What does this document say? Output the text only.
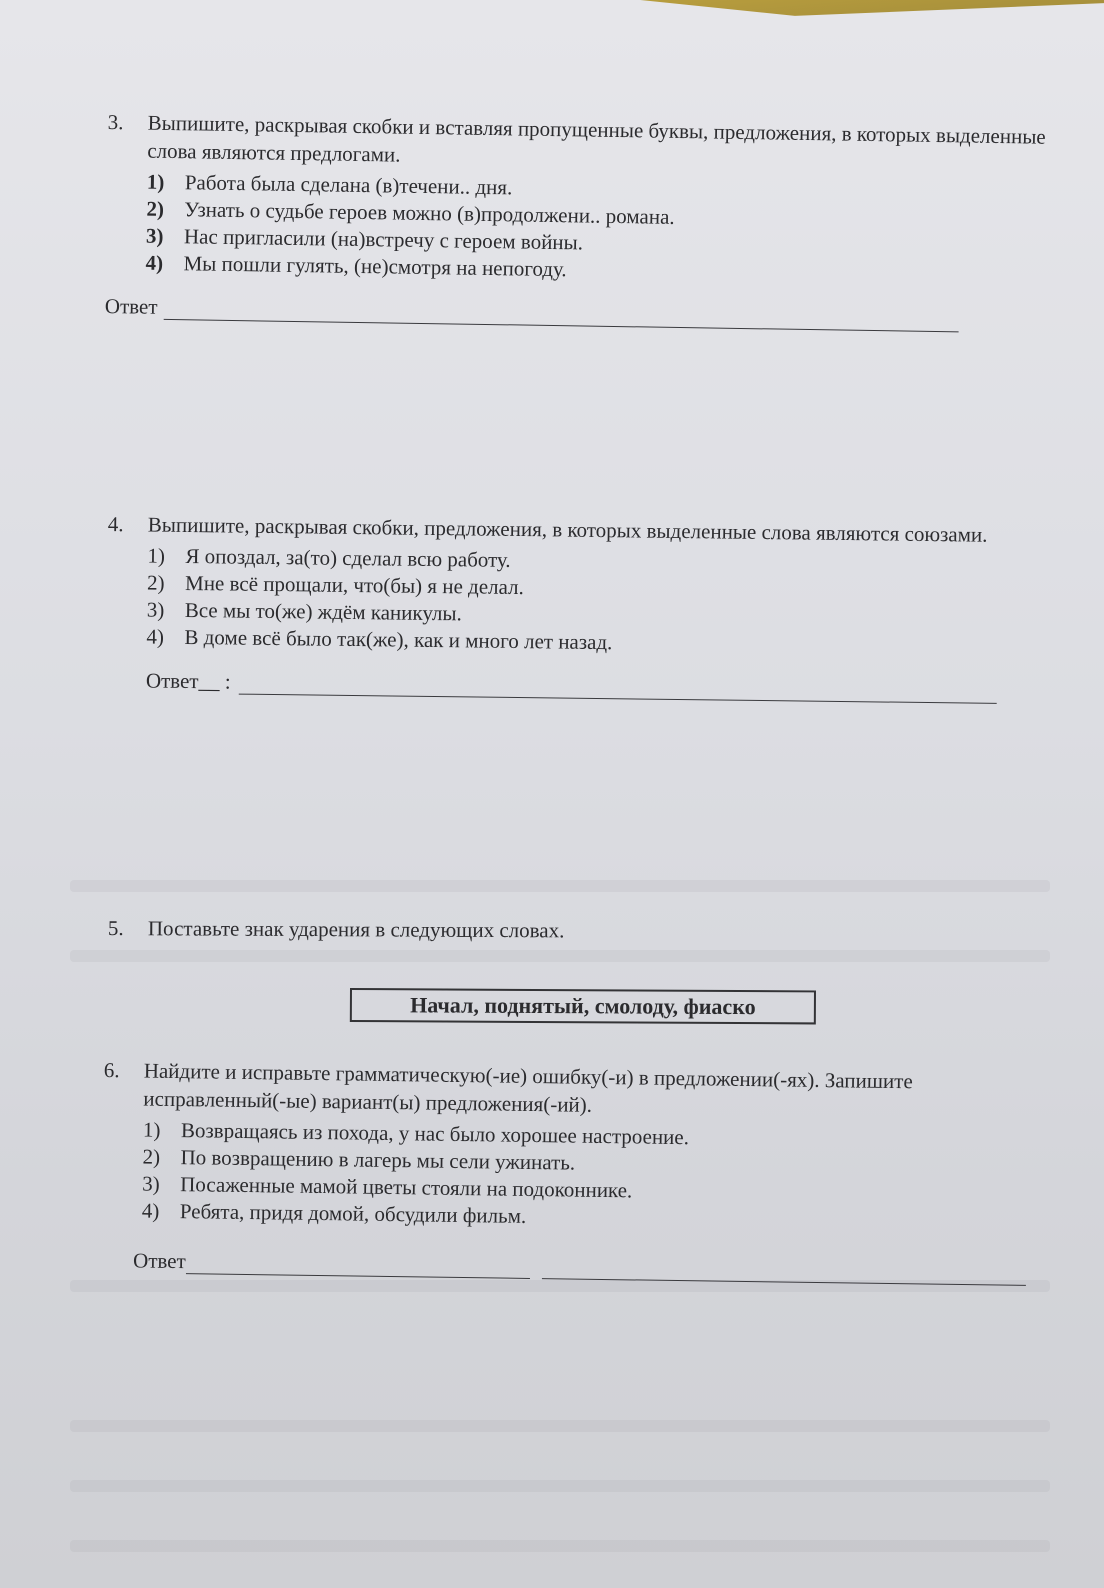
3.	Выпишите, раскрывая скобки и вставляя пропущенные буквы, предложения, в которых выделенные слова являются предлогами.
1) Работа была сделана (в)течени.. дня.
2) Узнать о судьбе героев можно (в)продолжени.. романа.
3) Нас пригласили (на)встречу с героем войны.
4) Мы пошли гулять, (не)смотря на непогоду.
Ответ
4.	Выпишите, раскрывая скобки, предложения, в которых выделенные слова являются союзами.
1) Я опоздал, за(то) сделал всю работу.
2) Мне всё прощали, что(бы) я не делал.
3) Все мы то(же) ждём каникулы.
4) В доме всё было так(же), как и много лет назад.
Ответ__ :
5.	Поставьте знак ударения в следующих словах.
Начал, поднятый, смолоду, фиаско
6.	Найдите и исправьте грамматическую(-ие) ошибку(-и) в предложении(-ях). Запишите исправленный(-ые) вариант(ы) предложения(-ий).
1) Возвращаясь из похода, у нас было хорошее настроение.
2) По возвращению в лагерь мы сели ужинать.
3) Посаженные мамой цветы стояли на подоконнике.
4) Ребята, придя домой, обсудили фильм.
Ответ
